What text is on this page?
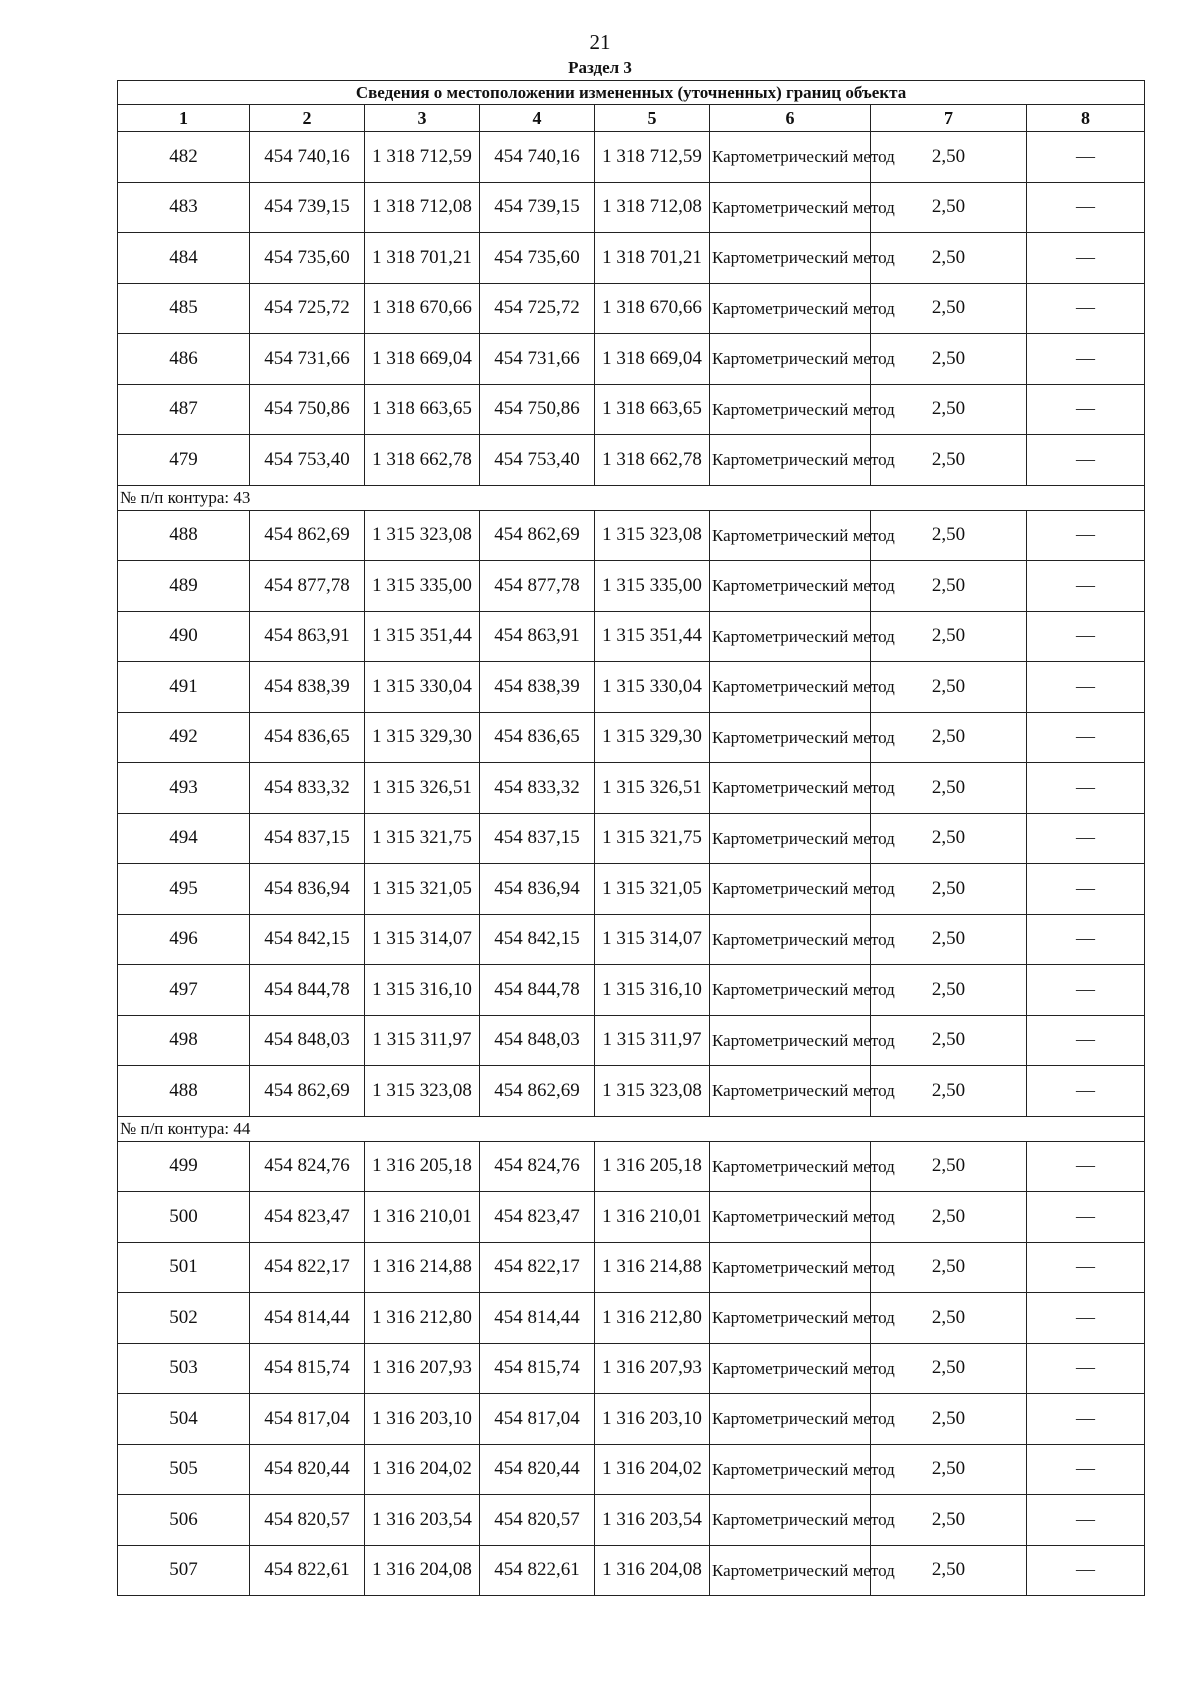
21
Раздел 3
Сведения о местоположении измененных (уточненных) границ объекта							
1	2	3	4	5	6	7	8
482	454 740,16	1 318 712,59	454 740,16	1 318 712,59	Картометрический метод	2,50	—
483	454 739,15	1 318 712,08	454 739,15	1 318 712,08	Картометрический метод	2,50	—
484	454 735,60	1 318 701,21	454 735,60	1 318 701,21	Картометрический метод	2,50	—
485	454 725,72	1 318 670,66	454 725,72	1 318 670,66	Картометрический метод	2,50	—
486	454 731,66	1 318 669,04	454 731,66	1 318 669,04	Картометрический метод	2,50	—
487	454 750,86	1 318 663,65	454 750,86	1 318 663,65	Картометрический метод	2,50	—
479	454 753,40	1 318 662,78	454 753,40	1 318 662,78	Картометрический метод	2,50	—
№ п/п контура: 43							
488	454 862,69	1 315 323,08	454 862,69	1 315 323,08	Картометрический метод	2,50	—
489	454 877,78	1 315 335,00	454 877,78	1 315 335,00	Картометрический метод	2,50	—
490	454 863,91	1 315 351,44	454 863,91	1 315 351,44	Картометрический метод	2,50	—
491	454 838,39	1 315 330,04	454 838,39	1 315 330,04	Картометрический метод	2,50	—
492	454 836,65	1 315 329,30	454 836,65	1 315 329,30	Картометрический метод	2,50	—
493	454 833,32	1 315 326,51	454 833,32	1 315 326,51	Картометрический метод	2,50	—
494	454 837,15	1 315 321,75	454 837,15	1 315 321,75	Картометрический метод	2,50	—
495	454 836,94	1 315 321,05	454 836,94	1 315 321,05	Картометрический метод	2,50	—
496	454 842,15	1 315 314,07	454 842,15	1 315 314,07	Картометрический метод	2,50	—
497	454 844,78	1 315 316,10	454 844,78	1 315 316,10	Картометрический метод	2,50	—
498	454 848,03	1 315 311,97	454 848,03	1 315 311,97	Картометрический метод	2,50	—
488	454 862,69	1 315 323,08	454 862,69	1 315 323,08	Картометрический метод	2,50	—
№ п/п контура: 44							
499	454 824,76	1 316 205,18	454 824,76	1 316 205,18	Картометрический метод	2,50	—
500	454 823,47	1 316 210,01	454 823,47	1 316 210,01	Картометрический метод	2,50	—
501	454 822,17	1 316 214,88	454 822,17	1 316 214,88	Картометрический метод	2,50	—
502	454 814,44	1 316 212,80	454 814,44	1 316 212,80	Картометрический метод	2,50	—
503	454 815,74	1 316 207,93	454 815,74	1 316 207,93	Картометрический метод	2,50	—
504	454 817,04	1 316 203,10	454 817,04	1 316 203,10	Картометрический метод	2,50	—
505	454 820,44	1 316 204,02	454 820,44	1 316 204,02	Картометрический метод	2,50	—
506	454 820,57	1 316 203,54	454 820,57	1 316 203,54	Картометрический метод	2,50	—
507	454 822,61	1 316 204,08	454 822,61	1 316 204,08	Картометрический метод	2,50	—
